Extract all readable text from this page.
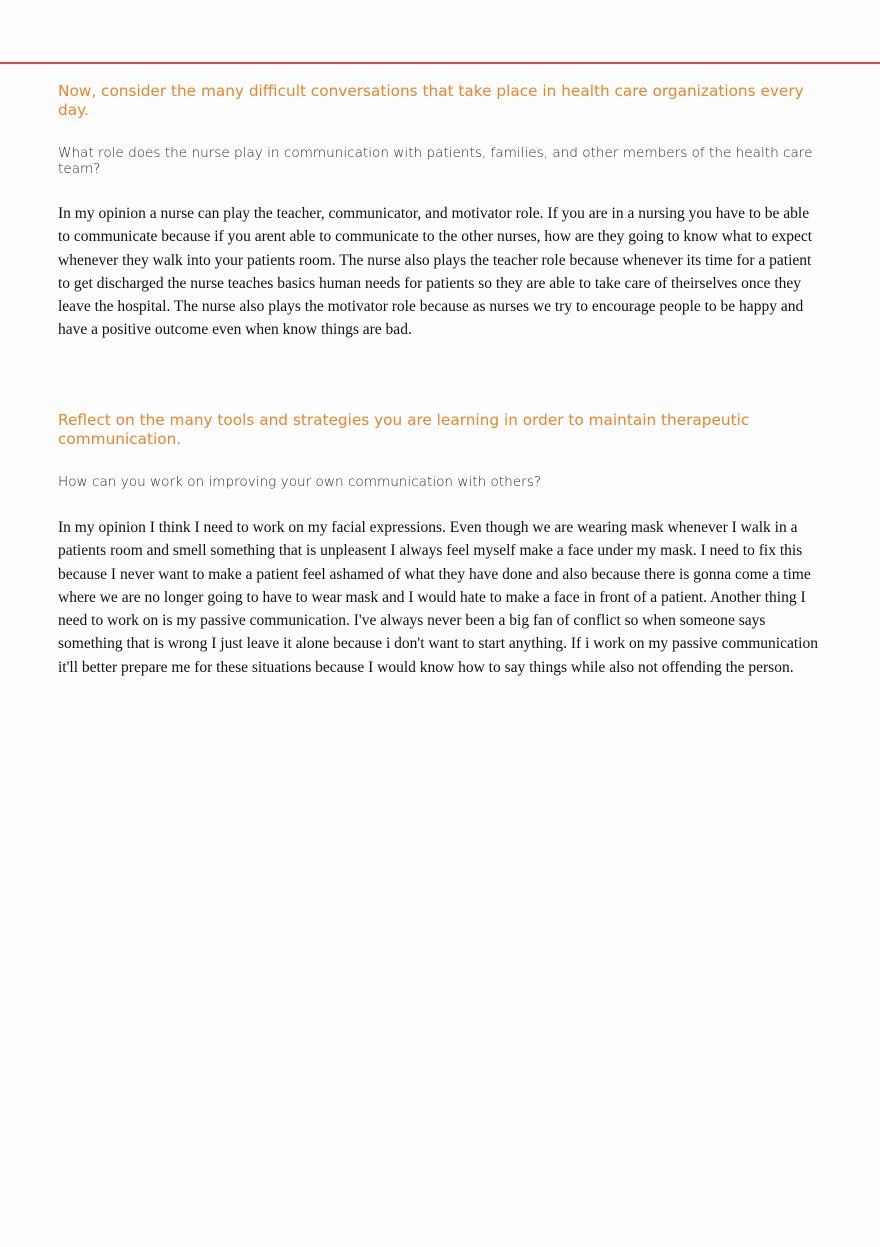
Now, consider the many difficult conversations that take place in health care organizations every day.

What role does the nurse play in communication with patients, families, and other members of the health care team?

In my opinion a nurse can play the teacher, communicator, and motivator role. If you are in a nursing you have to be able to communicate because if you arent able to communicate to the other nurses, how are they going to know what to expect whenever they walk into your patients room. The nurse also plays the teacher role because whenever its time for a patient to get discharged the nurse teaches basics human needs for patients so they are able to take care of theirselves once they leave the hospital. The nurse also plays the motivator role because as nurses we try to encourage people to be happy and have a positive outcome even when know things are bad.

Reflect on the many tools and strategies you are learning in order to maintain therapeutic communication.

How can you work on improving your own communication with others?

In my opinion I think I need to work on my facial expressions. Even though we are wearing mask whenever I walk in a patients room and smell something that is unpleasent I always feel myself make a face under my mask. I need to fix this because I never want to make a patient feel ashamed of what they have done and also because there is gonna come a time where we are no longer going to have to wear mask and I would hate to make a face in front of a patient. Another thing I need to work on is my passive communication. I've always never been a big fan of conflict so when someone says something that is wrong I just leave it alone because i don't want to start anything. If i work on my passive communication it'll better prepare me for these situations because I would know how to say things while also not offending the person.
